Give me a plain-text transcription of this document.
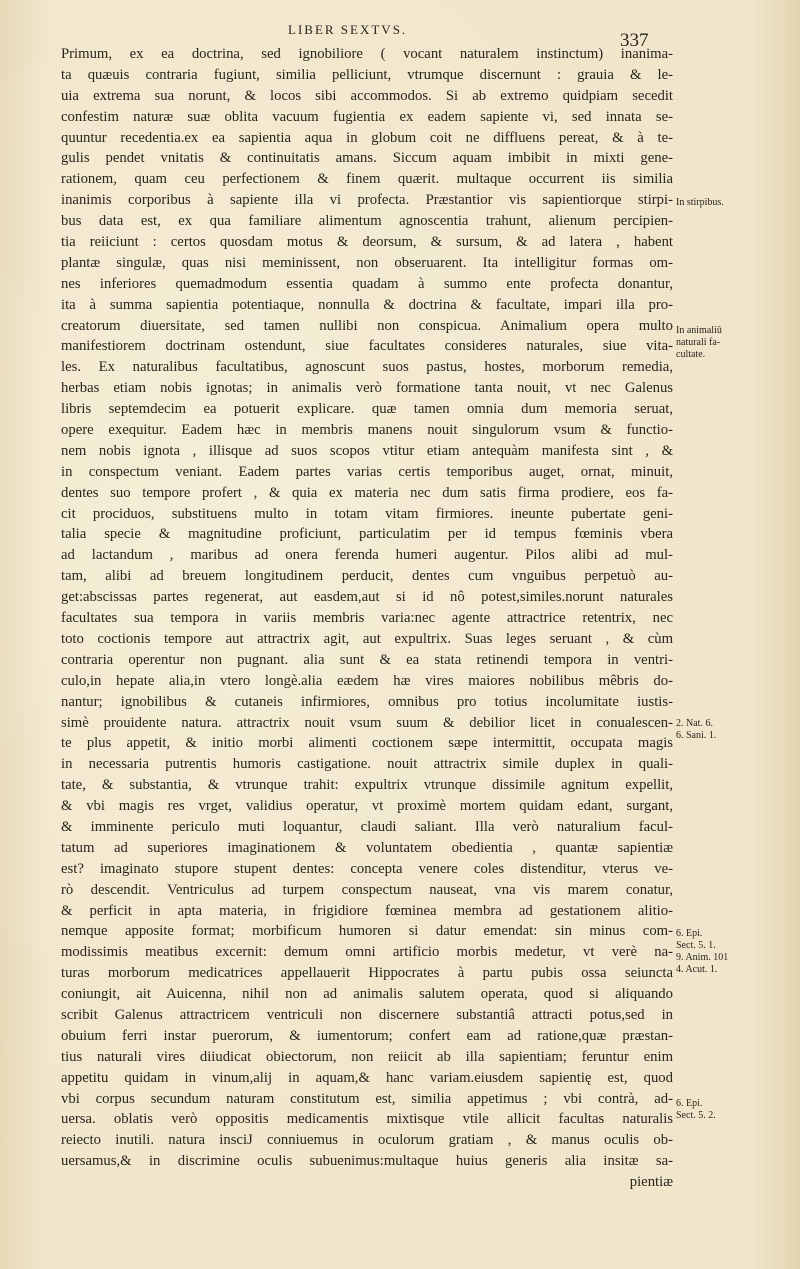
LIBER SEXTVS.
337
Primum, ex ea doctrina, sed ignobiliore ( vocant naturalem instinctum) inanima-
ta quæuis contraria fugiunt, similia pelliciunt, vtrumque discernunt : grauia & le-
uia extrema sua norunt, & locos sibi accommodos. Si ab extremo quidpiam secedit
confestim naturæ suæ oblita vacuum fugientia ex eadem sapiente vi, sed innata se-
quuntur recedentia.ex ea sapientia aqua in globum coit ne diffluens pereat, & à te-
gulis pendet vnitatis & continuitatis amans. Siccum aquam imbibit in mixti gene-
rationem, quam ceu perfectionem & finem quærit. multaque occurrent iis similia
inanimis corporibus à sapiente illa vi profecta. Præstantior vis sapientiorque stirpi-
bus data est, ex qua familiare alimentum agnoscentia trahunt, alienum percipien-
tia reiiciunt : certos quosdam motus & deorsum, & sursum, & ad latera , habent
plantæ singulæ, quas nisi meminissent, non obseruarent. Ita intelligitur formas om-
nes inferiores quemadmodum essentia quadam à summo ente profecta donantur,
ita à summa sapientia potentiaque, nonnulla & doctrina & facultate, impari illa pro-
creatorum diuersitate, sed tamen nullibi non conspicua. Animalium opera multo
manifestiorem doctrinam ostendunt, siue facultates consideres naturales, siue vita-
les. Ex naturalibus facultatibus, agnoscunt suos pastus, hostes, morborum remedia,
herbas etiam nobis ignotas; in animalis verò formatione tanta nouit, vt nec Galenus
libris septemdecim ea potuerit explicare. quæ tamen omnia dum memoria seruat,
opere exequitur. Eadem hæc in membris manens nouit singulorum vsum & functio-
nem nobis ignota , illisque ad suos scopos vtitur etiam antequàm manifesta sint , &
in conspectum veniant. Eadem partes varias certis temporibus auget, ornat, minuit,
dentes suo tempore profert , & quia ex materia nec dum satis firma prodiere, eos fa-
cit prociduos, substituens multo in totam vitam firmiores. ineunte pubertate geni-
talia specie & magnitudine proficiunt, particulatim per id tempus fœminis vbera
ad lactandum , maribus ad onera ferenda humeri augentur. Pilos alibi ad mul-
tam, alibi ad breuem longitudinem perducit, dentes cum vnguibus perpetuò au-
get:abscissas partes regenerat, aut easdem,aut si id nô potest,similes.norunt naturales
facultates sua tempora in variis membris varia:nec agente attractrice retentrix, nec
toto coctionis tempore aut attractrix agit, aut expultrix. Suas leges seruant , & cùm
contraria operentur non pugnant. alia sunt & ea stata retinendi tempora in ventri-
culo,in hepate alia,in vtero longè.alia eædem hæ vires maiores nobilibus mêbris do-
nantur; ignobilibus & cutaneis infirmiores, omnibus pro totius incolumitate iustis-
simè prouidente natura. attractrix nouit vsum suum & debilior licet in conualescen-
te plus appetit, & initio morbi alimenti coctionem sæpe intermittit, occupata magis
in necessaria putrentis humoris castigatione. nouit attractrix simile duplex in quali-
tate, & substantia, & vtrunque trahit: expultrix vtrunque dissimile agnitum expellit,
& vbi magis res vrget, validius operatur, vt proximè mortem quidam edant, surgant,
& imminente periculo muti loquantur, claudi saliant. Illa verò naturalium facul-
tatum ad superiores imaginationem & voluntatem obedientia , quantæ sapientiæ
est? imaginato stupore stupent dentes: concepta venere coles distenditur, vterus ve-
rò descendit. Ventriculus ad turpem conspectum nauseat, vna vis marem conatur,
& perficit in apta materia, in frigidiore fœminea membra ad gestationem alitio-
nemque apposite format; morbificum humoren si datur emendat: sin minus com-
modissimis meatibus excernit: demum omni artificio morbis medetur, vt verè na-
turas morborum medicatrices appellauerit Hippocrates à partu pubis ossa seiuncta
coniungit, ait Auicenna, nihil non ad animalis salutem operata, quod si aliquando
scribit Galenus attractricem ventriculi non discernere substantiâ attracti potus,sed in
obuium ferri instar puerorum, & iumentorum; confert eam ad ratione,quæ præstan-
tius naturali vires diiudicat obiectorum, non reiicit ab illa sapientiam; feruntur enim
appetitu quidam in vinum,alij in aquam,& hanc variam.eiusdem sapientię est, quod
vbi corpus secundum naturam constitutum est, similia appetimus ; vbi contrà, ad-
uersa. oblatis verò oppositis medicamentis mixtisque vtile allicit facultas naturalis
reiecto inutili. natura insciJ conniuemus in oculorum gratiam , & manus oculis ob-
uersamus,& in discrimine oculis subuenimus:multaque huius generis alia insitæ sa-
pientiæ
In stirpibus.
In animaliû
naturali fa-
cultate.
2. Nat. 6.
6. Sani. 1.
6. Epi.
Sect. 5. 1.
9. Anim. 101
4. Acut. 1.
6. Epi.
Sect. 5. 2.
